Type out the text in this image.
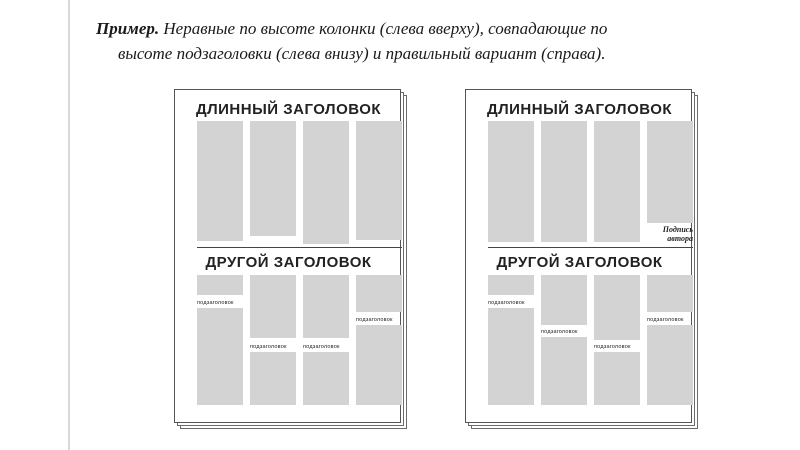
Пример. Неравные по высоте колонки (слева вверху), совпадающие по
высоте подзаголовки (слева внизу) и правильный вариант (справа).
ДЛИННЫЙ ЗАГОЛОВОК
ДРУГОЙ ЗАГОЛОВОК
подзаголовок
подзаголовок	подзаголовок
подзаголовок
ДЛИННЫЙ ЗАГОЛОВОК
Подпись
автора
ДРУГОЙ ЗАГОЛОВОК
подзаголовок
подзаголовок
подзаголовок
подзаголовок
